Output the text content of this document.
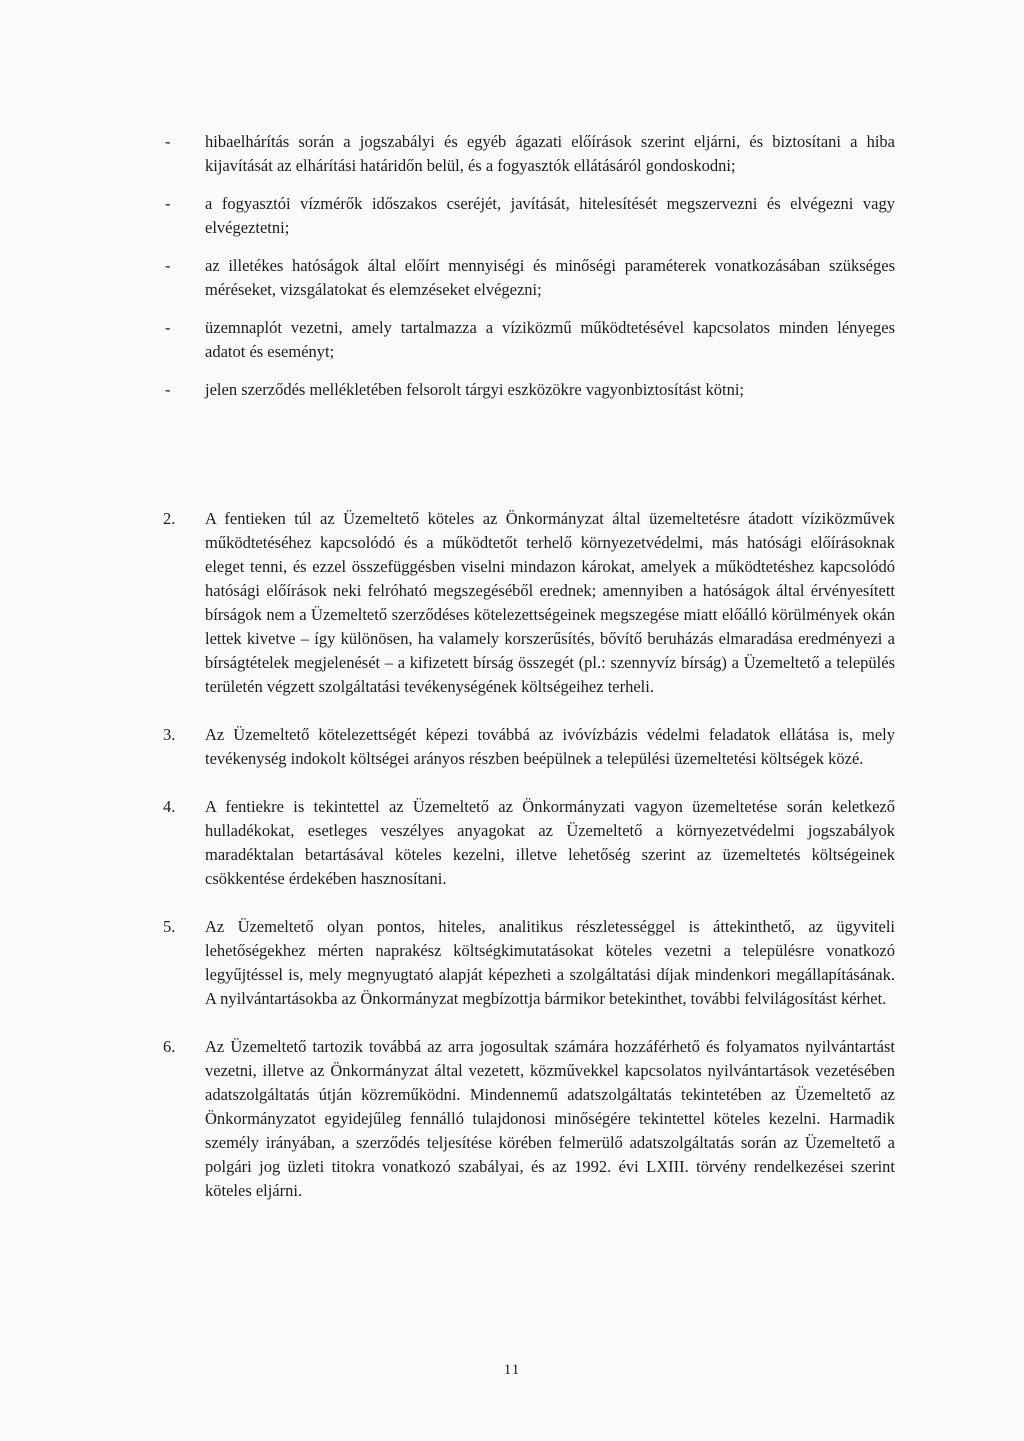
- hibaelhárítás során a jogszabályi és egyéb ágazati előírások szerint eljárni, és biztosítani a hiba kijavítását az elhárítási határidőn belül, és a fogyasztók ellátásáról gondoskodni;
- a fogyasztói vízmérők időszakos cseréjét, javítását, hitelesítését megszervezni és elvégezni vagy elvégeztetni;
- az illetékes hatóságok által előírt mennyiségi és minőségi paraméterek vonatkozásában szükséges méréseket, vizsgálatokat és elemzéseket elvégezni;
- üzemnaplót vezetni, amely tartalmazza a víziközmű működtetésével kapcsolatos minden lényeges adatot és eseményt;
- jelen szerződés mellékletében felsorolt tárgyi eszközökre vagyonbiztosítást kötni;
2. A fentieken túl az Üzemeltető köteles az Önkormányzat által üzemeltetésre átadott víziközművek működtetéséhez kapcsolódó és a működtetőt terhelő környezetvédelmi, más hatósági előírásoknak eleget tenni, és ezzel összefüggésben viselni mindazon károkat, amelyek a működtetéshez kapcsolódó hatósági előírások neki felróható megszegéséből erednek; amennyiben a hatóságok által érvényesített bírságok nem a Üzemeltető szerződéses kötelezettségeinek megszegése miatt előálló körülmények okán lettek kivetve – így különösen, ha valamely korszerűsítés, bővítő beruházás elmaradása eredményezi a bírságtételek megjelenését – a kifizetett bírság összegét (pl.: szennyvíz bírság) a Üzemeltető a település területén végzett szolgáltatási tevékenységének költségeihez terheli.
3. Az Üzemeltető kötelezettségét képezi továbbá az ivóvízbázis védelmi feladatok ellátása is, mely tevékenység indokolt költségei arányos részben beépülnek a települési üzemeltetési költségek közé.
4. A fentiekre is tekintettel az Üzemeltető az Önkormányzati vagyon üzemeltetése során keletkező hulladékokat, esetleges veszélyes anyagokat az Üzemeltető a környezetvédelmi jogszabályok maradéktalan betartásával köteles kezelni, illetve lehetőség szerint az üzemeltetés költségeinek csökkentése érdekében hasznosítani.
5. Az Üzemeltető olyan pontos, hiteles, analitikus részletességgel is áttekinthető, az ügyviteli lehetőségekhez mérten naprakész költségkimutatásokat köteles vezetni a településre vonatkozó legyűjtéssel is, mely megnyugtató alapját képezheti a szolgáltatási díjak mindenkori megállapításának. A nyilvántartásokba az Önkormányzat megbízottja bármikor betekinthet, további felvilágosítást kérhet.
6. Az Üzemeltető tartozik továbbá az arra jogosultak számára hozzáférhető és folyamatos nyilvántartást vezetni, illetve az Önkormányzat által vezetett, közművekkel kapcsolatos nyilvántartások vezetésében adatszolgáltatás útján közreműködni. Mindennemű adatszolgáltatás tekintetében az Üzemeltető az Önkormányzatot egyidejűleg fennálló tulajdonosi minőségére tekintettel köteles kezelni. Harmadik személy irányában, a szerződés teljesítése körében felmerülő adatszolgáltatás során az Üzemeltető a polgári jog üzleti titokra vonatkozó szabályai, és az 1992. évi LXIII. törvény rendelkezései szerint köteles eljárni.
11
